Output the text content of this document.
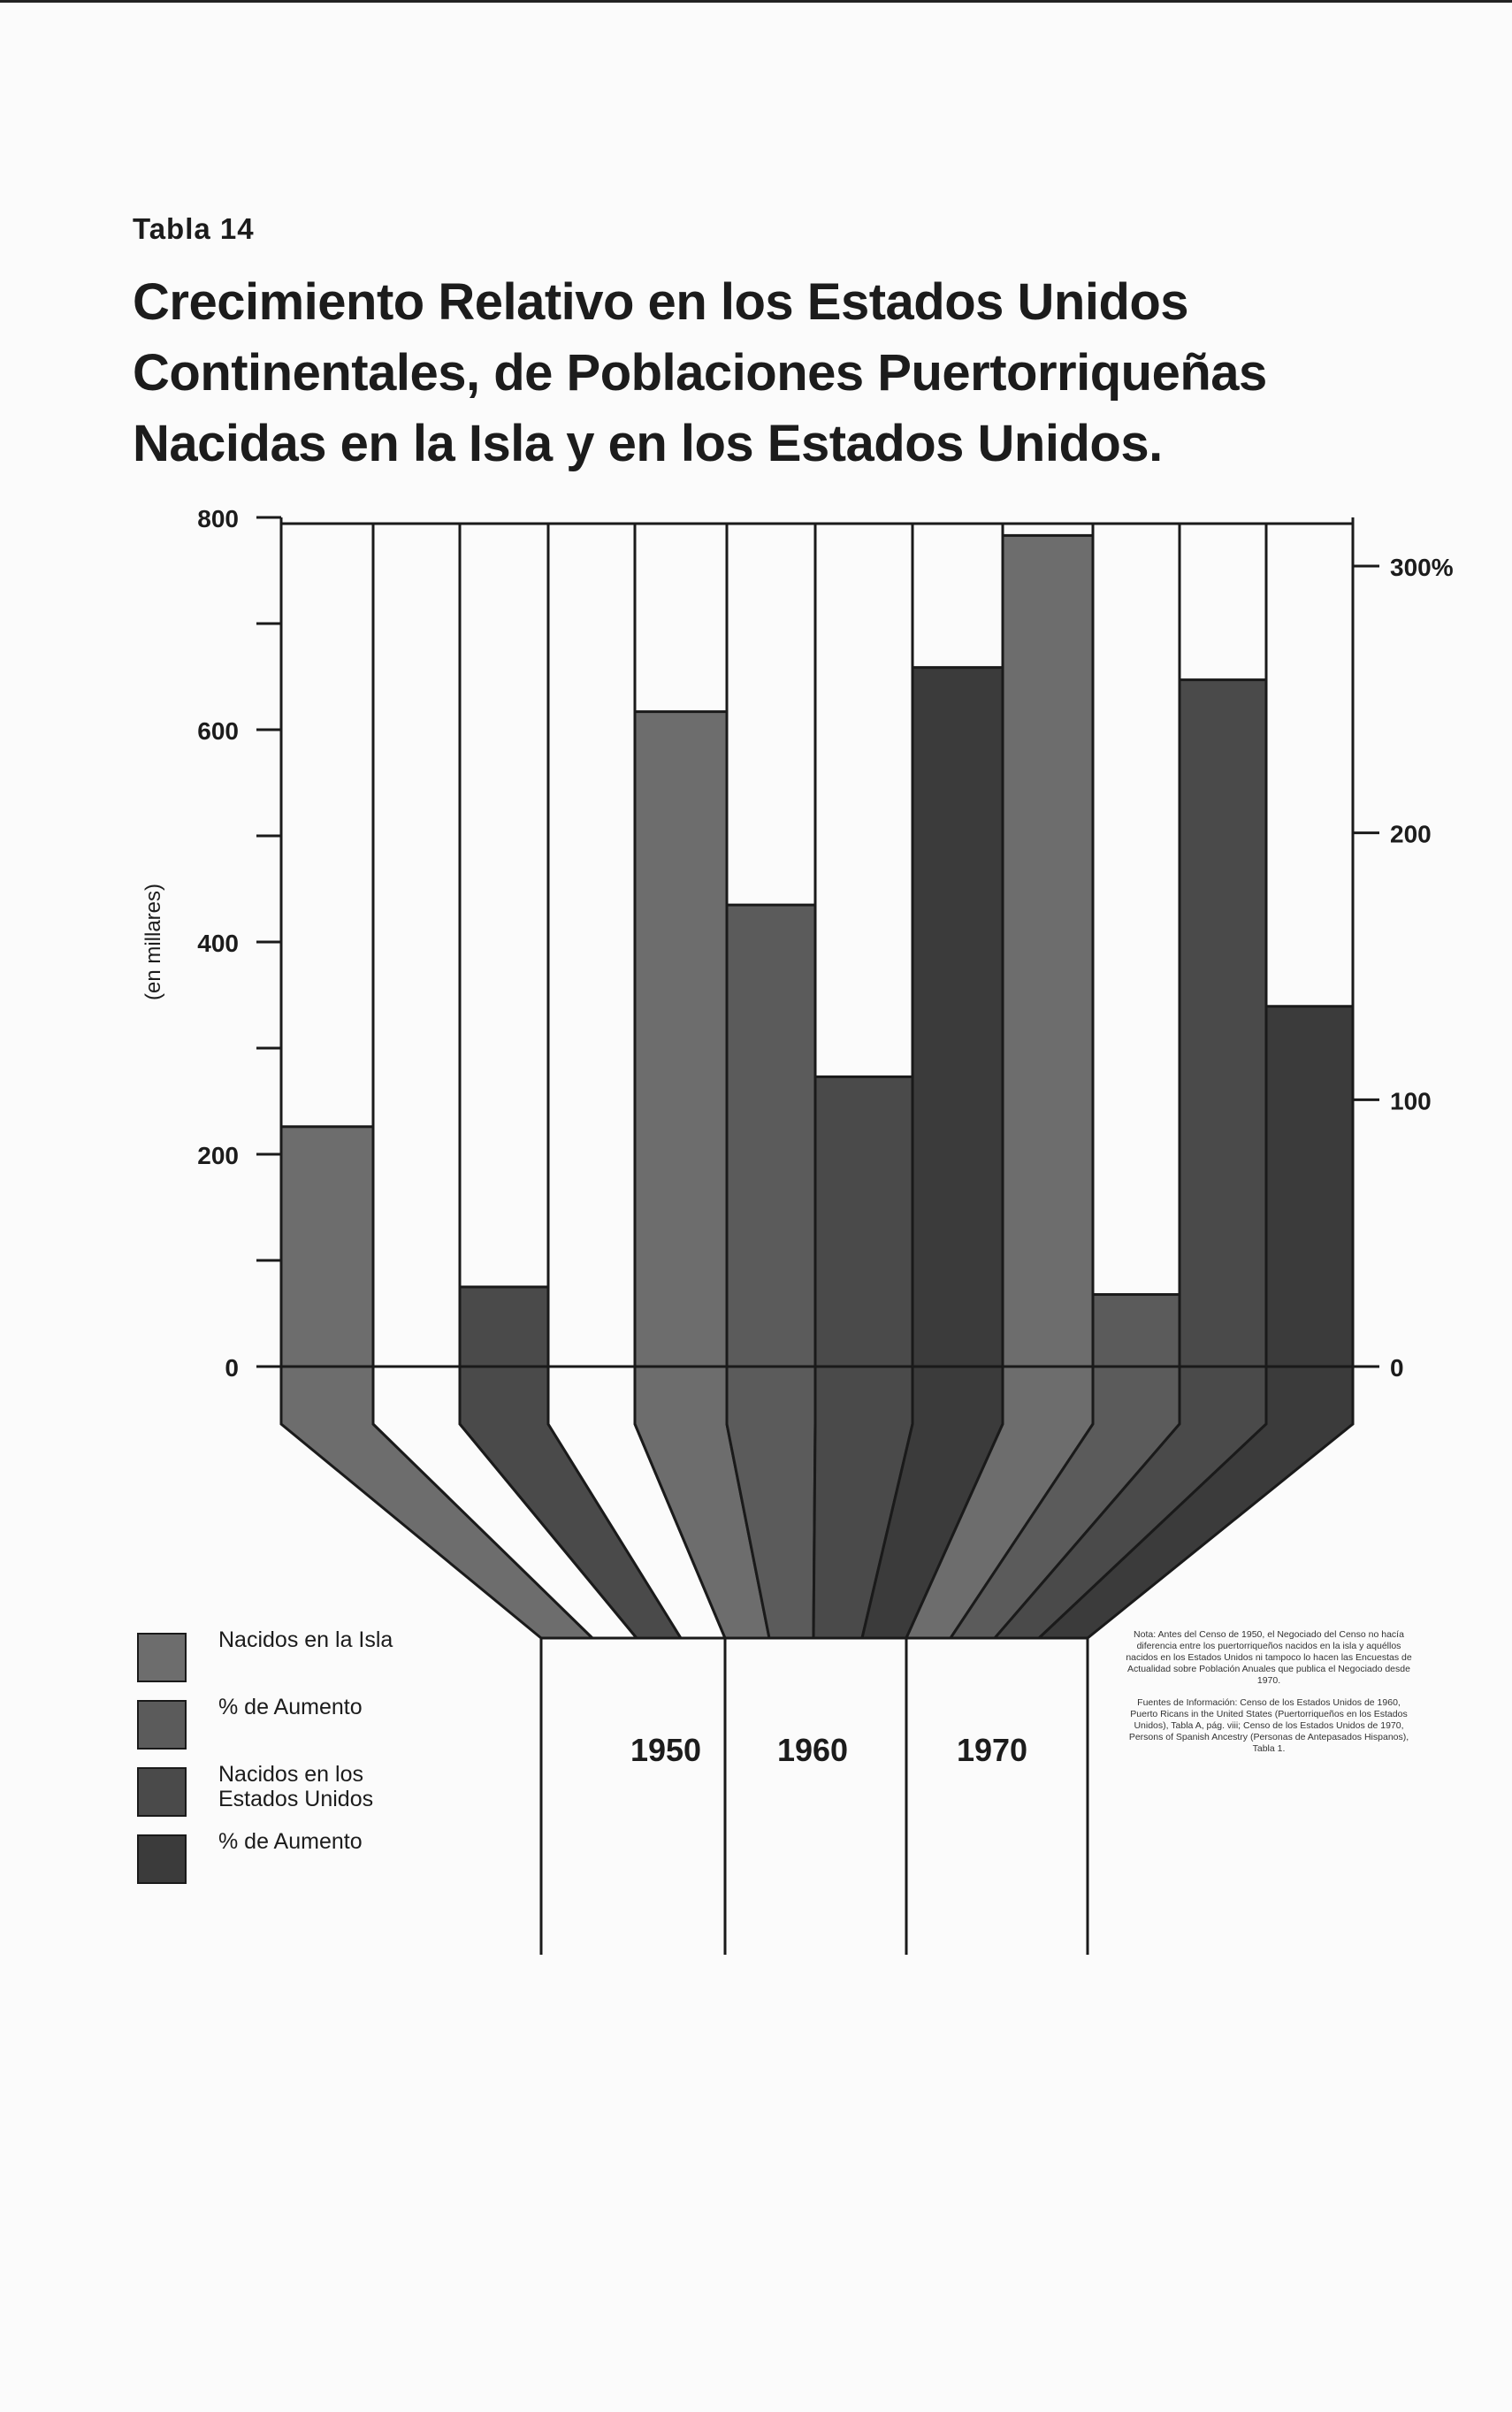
Tabla 14
Crecimiento Relativo en los Estados Unidos
Continentales, de Poblaciones Puertorriqueñas
Nacidas en la Isla y en los Estados Unidos.
0
200
400
600
800
(en millares)
0
100
200
300%
Nacidos en la Isla
% de Aumento
Nacidos en los Estados Unidos
% de Aumento
1950	1960	1970

Nota: Antes del Censo de 1950, el Negociado del Censo no hacía diferencia entre los puertorriqueños nacidos en la isla y aquéllos nacidos en los Estados Unidos ni tampoco lo hacen las Encuestas de Actualidad sobre Población Anuales que publica el Negociado desde 1970.

Fuentes de Información: Censo de los Estados Unidos de 1960, Puerto Ricans in the United States (Puertorriqueños en los Estados Unidos), Tabla A, pág. viii; Censo de los Estados Unidos de 1970, Persons of Spanish Ancestry (Personas de Antepasados Hispanos), Tabla 1.
